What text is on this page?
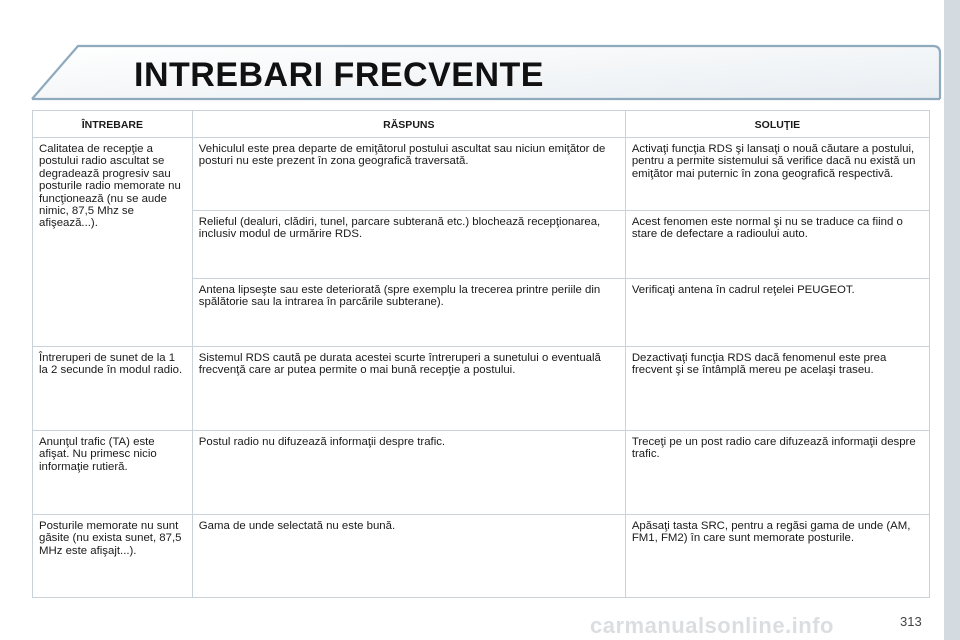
INTREBARI FRECVENTE
ÎNTREBARE	RĂSPUNS	SOLUŢIE
Calitatea de recepţie a postului radio ascultat se degradează progresiv sau posturile radio memorate nu funcţionează (nu se aude nimic, 87,5 Mhz se afişează...).	Vehiculul este prea departe de emiţătorul postului ascultat sau niciun emiţător de posturi nu este prezent în zona geografică traversată.	Activaţi funcţia RDS şi lansaţi o nouă căutare a postului, pentru a permite sistemului să verifice dacă nu există un emiţător mai puternic în zona geografică respectivă.
	Relieful (dealuri, clădiri, tunel, parcare subterană etc.) blochează recepţionarea, inclusiv modul de urmărire RDS.	Acest fenomen este normal şi nu se traduce ca fiind o stare de defectare a radioului auto.
	Antena lipseşte sau este deteriorată (spre exemplu la trecerea printre periile din spălătorie sau la intrarea în parcările subterane).	Verificaţi antena în cadrul reţelei PEUGEOT.
Întreruperi de sunet de la 1 la 2 secunde în modul radio.	Sistemul RDS caută pe durata acestei scurte întreruperi a sunetului o eventuală frecvenţă care ar putea permite o mai bună recepţie a postului.	Dezactivaţi funcţia RDS dacă fenomenul este prea frecvent şi se întâmplă mereu pe acelaşi traseu.
Anunţul trafic (TA) este afişat. Nu primesc nicio informaţie rutieră.	Postul radio nu difuzează informaţii despre trafic.	Treceţi pe un post radio care difuzează informaţii despre trafic.
Posturile memorate nu sunt găsite (nu exista sunet, 87,5 MHz este afişajt...).	Gama de unde selectată nu este bună.	Apăsaţi tasta SRC, pentru a regăsi gama de unde (AM, FM1, FM2) în care sunt memorate posturile.
carmanualsonline.info	313
